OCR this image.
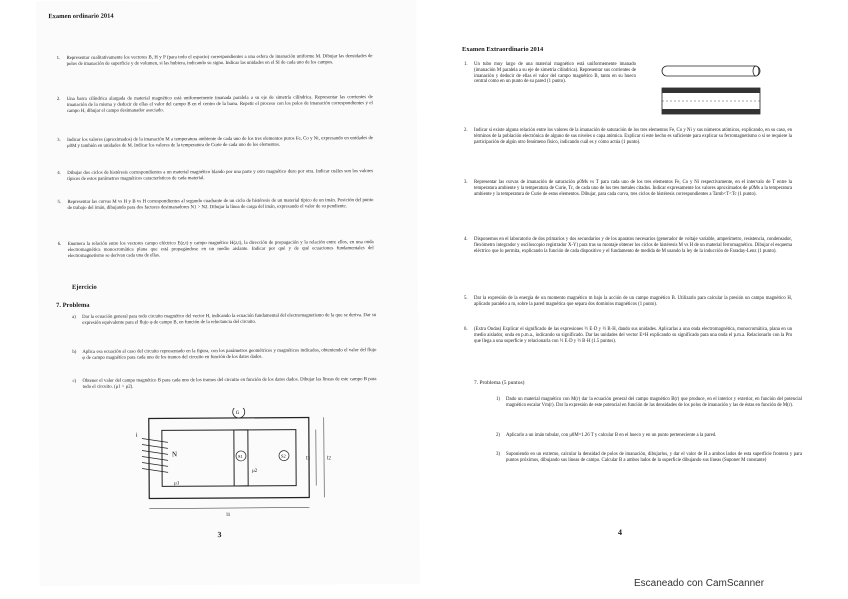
Examen ordinario 2014
1. Representar cualitativamente los vectores B, H y P (para todo el espacio) correspondientes a una esfera de imanación uniforme M. Dibujar las densidades de polos de imanación de superficie y de volumen, si las hubiera, indicando su signo. Indicar las unidades en el SI de cada uno de los campos.
2. Una barra cilíndrica alargada de material magnético está uniformemente imanada paralela a su eje de simetría cilíndrica. Representar las corrientes de imanación de la misma y deducir de ellas el valor del campo B en el centro de la barra. Repetir el proceso con los polos de imanación correspondientes y el campo H, dibujar el campo desimanador asociado.
3. Indicar los valores (aproximados) de la imanación M a temperatura ambiente de cada uno de los tres elementos puros Fe, Co y Ni, expresando en unidades de μ0M y también en unidades de M. Indicar los valores de la temperatura de Curie de cada uno de los elementos.
4. Dibujar dos ciclos de histéresis correspondientes a un material magnético blando por una parte y otro magnético duro por otra. Indicar cuáles son los valores típicos de estos parámetros magnéticos característicos de cada material.
5. Representar las curvas M vs H y B vs H correspondientes al segundo cuadrante de un ciclo de histéresis de un material típico de un imán. Posición del punto de trabajo del imán, dibujando para dos factores desimanadores N1 > N2. Dibujar la línea de carga del imán, expresando el valor de su pendiente.
6. Enumera la relación entre los vectores campo eléctrico E(z,t) y campo magnético H(z,t), la dirección de propagación y la relación entre ellos, en una onda electromagnética monocromática plana que está propagándose en un medio aislante. Indicar por qué y de qué ecuaciones fundamentales del electromagnetismo se derivan cada una de ellas.
Ejercicio
7. Problema
a) Dar la ecuación general para todo circuito magnético del vector H, indicando la ecuación fundamental del electromagnetismo de la que se deriva. Dar su expresión equivalente para el flujo φ de campo B, en función de la reluctancia del circuito.
b) Aplica esa ecuación al caso del circuito representado en la figura, con los parámetros geométricos y magnéticos indicados, obteniendo el valor del flujo φ de campo magnético para cada uno de los tramos del circuito en función de los datos dados.
c) Obtener el valor del campo magnético B para cada uno de los tramos del circuito en función de los datos dados. Dibujar las líneas de este campo B para todo el circuito. (μ1 > μ2).
N
i
μ1
G
S1	S2
μ2
l1
l2
l3
3
Examen Extraordinario 2014
1. Un tubo muy largo de una material magnético está uniformemente imanado (imanación M paralela a su eje de simetría cilíndrica). Representar sus corrientes de imanación y deducir de ellas el valor del campo magnético B, tanto en su hueco central como en un punto de su pared (1 punto).
2. Indicar si existe alguna relación entre los valores de la imanación de saturación de los tres elementos Fe, Co y Ni y sus números atómicos, explicando, en su caso, en términos de la población electrónica de alguno de sus niveles o capa atómica. Explicar si este hecho es suficiente para explicar su ferromagnetismo o si se requiere la participación de algún otro fenómeno físico, indicando cuál es y cómo actúa (1 punto).
3. Representar las curvas de imanación de saturación μ0Ms vs T para cada uno de los tres elementos Fe, Co y Ni respectivamente, en el intervalo de T entre la temperatura ambiente y la temperatura de Curie, Tc, de cada uno de los tres metales citados. Indicar expresamente los valores aproximados de μ0Ms a la temperatura ambiente y la temperatura de Curie de estos elementos. Dibujar, para cada curva, tres ciclos de histéresis correspondientes a Tamb<T<Tc (1 punto).
4. Disponemos en el laboratorio de dos primarios y dos secundarios y de los aparatos necesarios (generador de voltaje variable, amperímetro, resistencia, condensador, flexómetro integrador y osciloscopio registrador X-Y) para tras su montaje obtener los ciclos de histéresis M vs H de un material ferromagnético. Dibujar el esquema eléctrico que lo permita, explicando la función de cada dispositivo y el fundamento de medida de M usando la ley de la inducción de Faraday-Lenz (1 punto).
5. Dar la expresión de la energía de un momento magnético m bajo la acción de un campo magnético B. Utilizarlo para calcular la presión un campo magnético H, aplicado paralelo a m, sobre la pared magnética que separa dos dominios magnéticos (1 punto).
6. (Extra Ondas) Explicar el significado de las expresiones ½ E·D y ½ B·H, dando sus unidades. Aplicarlas a una onda electromagnética, monocromática, plana en un medio aislador, onda en p.m.a., indicando su significado. Dar las unidades del vector E×H explicando su significado para una onda el p.m.a. Relacionarlo con la Pm que llega a una superficie y relacionarla con ½ E·D y ½ B·H (1.5 puntos).
7. Problema (5 puntos)
1) Dado un material magnético con M(r) dar la ecuación general del campo magnético B(r) que produce, en el interior y exterior, en función del potencial magnético escalar Vm(r). Dar la expresión de este potencial en función de las densidades de los polos de imanación y las de éstas en función de M(r).
2) Aplicarlo a un imán tubular, con μ0M=1.26 T y calcular B en el hueco y en un punto perteneciente a la pared.
3) Suponiendo en un extremo, calcular la densidad de polos de imanación, dibujarlos, y dar el valor de H a ambos lados de esta superficie frontera y para puntos próximos, dibujando sus líneas de campo. Calcular B a ambos lados de la superficie dibujando sus líneas (Suponer M constante)
4
Escaneado con CamScanner
